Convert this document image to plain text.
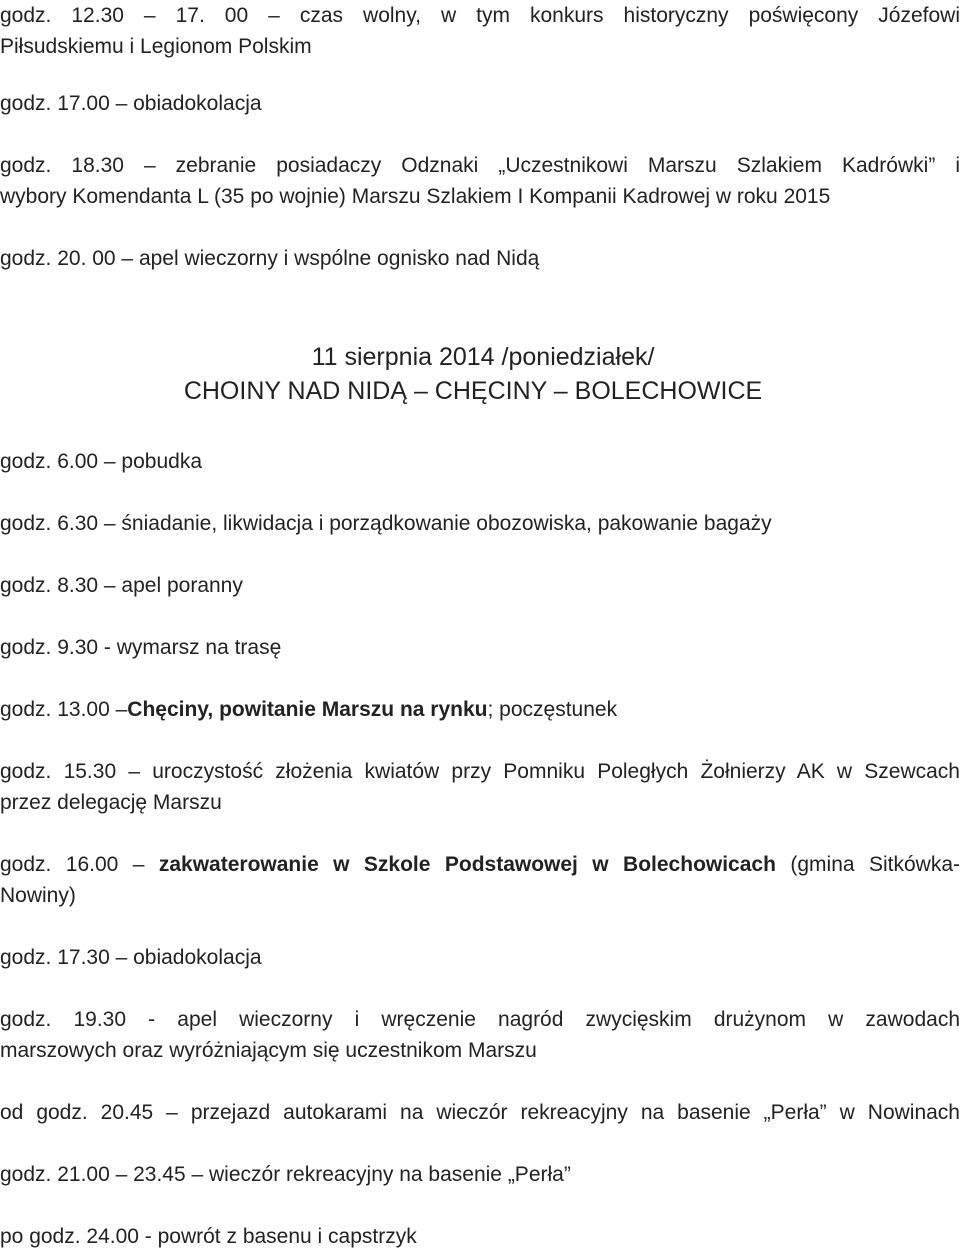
godz. 12.30 – 17. 00 – czas wolny, w tym konkurs historyczny poświęcony Józefowi
Piłsudskiemu i Legionom Polskim
godz. 17.00 – obiadokolacja
godz. 18.30 – zebranie posiadaczy Odznaki „Uczestnikowi Marszu Szlakiem Kadrówki” i
wybory Komendanta L (35 po wojnie) Marszu Szlakiem I Kompanii Kadrowej w roku 2015
godz. 20. 00 – apel wieczorny i wspólne ognisko nad Nidą
11 sierpnia 2014 /poniedziałek/
CHOINY NAD NIDĄ – CHĘCINY – BOLECHOWICE
godz. 6.00 – pobudka
godz. 6.30 – śniadanie, likwidacja i porządkowanie obozowiska, pakowanie bagaży
godz. 8.30 – apel poranny
godz. 9.30 - wymarsz na trasę
godz. 13.00 –Chęciny, powitanie Marszu na rynku; poczęstunek
godz. 15.30 – uroczystość złożenia kwiatów przy Pomniku Poległych Żołnierzy AK w Szewcach
przez delegację Marszu
godz. 16.00 – zakwaterowanie w Szkole Podstawowej w Bolechowicach (gmina Sitkówka-
Nowiny)
godz. 17.30 – obiadokolacja
godz. 19.30 - apel wieczorny i wręczenie nagród zwycięskim drużynom w zawodach
marszowych oraz wyróżniającym się uczestnikom Marszu
od godz. 20.45 – przejazd autokarami na wieczór rekreacyjny na basenie „Perła” w Nowinach
godz. 21.00 – 23.45 – wieczór rekreacyjny na basenie „Perła”
po godz. 24.00 - powrót z basenu i capstrzyk
